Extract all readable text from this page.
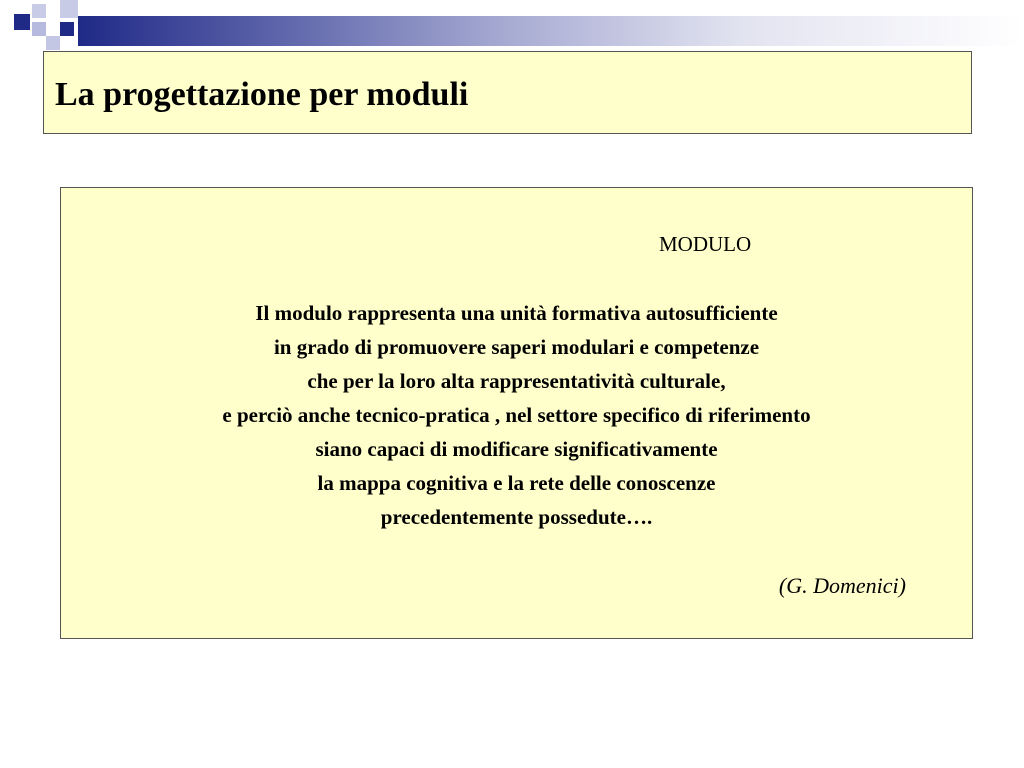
La progettazione per moduli
MODULO
Il modulo rappresenta una unità formativa autosufficiente
in grado di promuovere saperi modulari e competenze
che per la loro alta rappresentatività culturale,
e perciò anche tecnico-pratica , nel settore specifico di riferimento
siano capaci di modificare significativamente
la mappa cognitiva e la rete delle conoscenze
precedentemente possedute….
(G. Domenici)
